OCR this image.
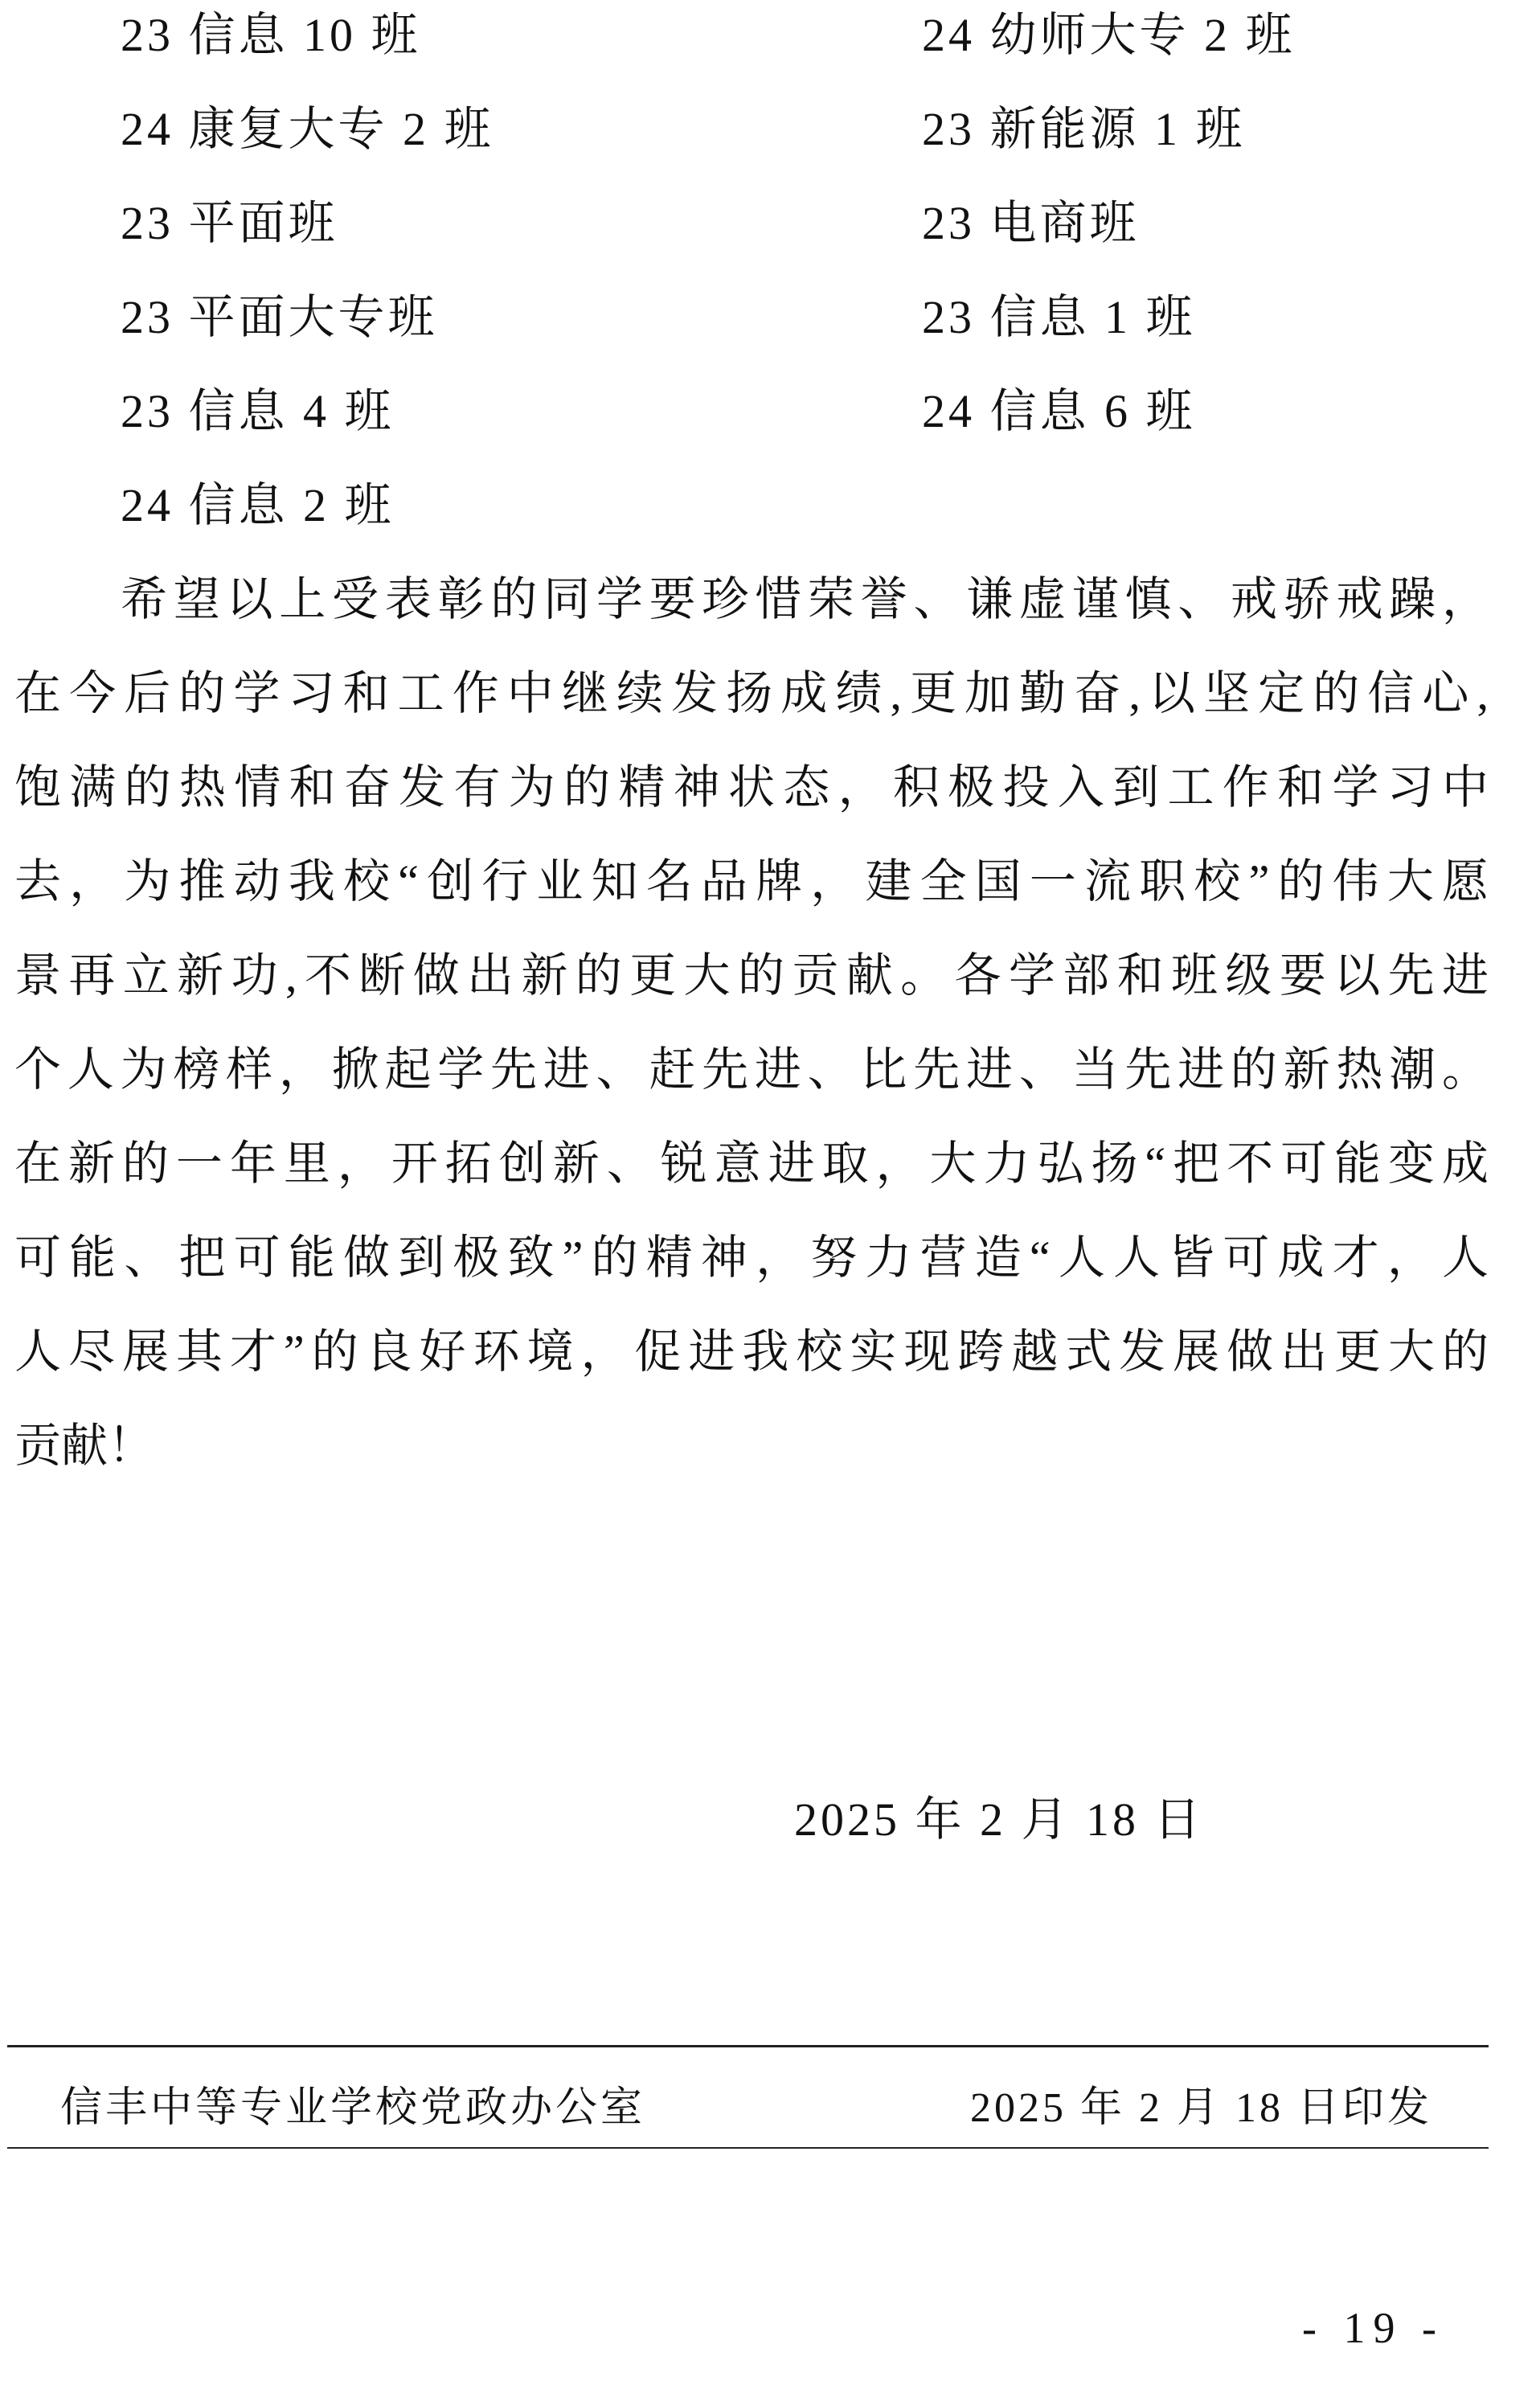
23 信息 10 班	24 幼师大专 2 班
24 康复大专 2 班	23 新能源 1 班
23 平面班	23 电商班
23 平面大专班	23 信息 1 班
23 信息 4 班	24 信息 6 班
24 信息 2 班
希望以上受表彰的同学要珍惜荣誉、谦虚谨慎、戒骄戒躁，
在今后的学习和工作中继续发扬成绩,更加勤奋,以坚定的信心,
饱满的热情和奋发有为的精神状态，积极投入到工作和学习中
去，为推动我校“创行业知名品牌，建全国一流职校”的伟大愿
景再立新功,不断做出新的更大的贡献。各学部和班级要以先进
个人为榜样，掀起学先进、赶先进、比先进、当先进的新热潮。
在新的一年里，开拓创新、锐意进取，大力弘扬“把不可能变成
可能、把可能做到极致”的精神，努力营造“人人皆可成才，人
人尽展其才”的良好环境，促进我校实现跨越式发展做出更大的
贡献！
2025 年 2 月 18 日
信丰中等专业学校党政办公室	2025 年 2 月 18 日印发
- 19 -
